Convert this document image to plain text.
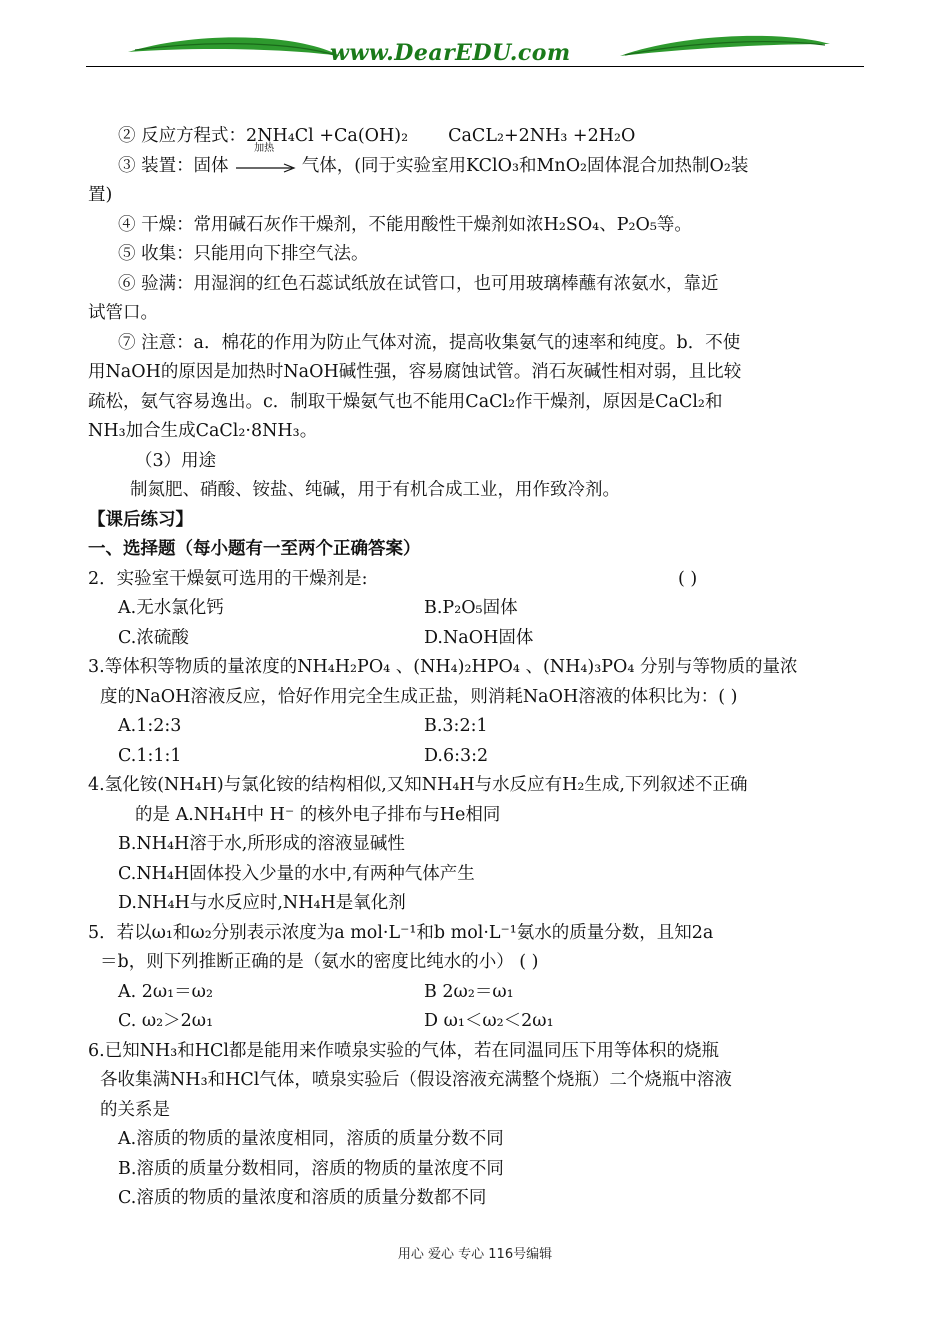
www.DearEDU.com
② 反应方程式：2NH₄Cl +Ca(OH)₂ CaCL₂+2NH₃ +2H₂O
③ 装置：固体
加热
气体，(同于实验室用KClO₃和MnO₂固体混合加热制O₂装
置)
④ 干燥：常用碱石灰作干燥剂，不能用酸性干燥剂如浓H₂SO₄、P₂O₅等。
⑤ 收集：只能用向下排空气法。
⑥ 验满：用湿润的红色石蕊试纸放在试管口，也可用玻璃棒蘸有浓氨水，靠近
试管口。
⑦ 注意：a．棉花的作用为防止气体对流，提高收集氨气的速率和纯度。b．不使
用NaOH的原因是加热时NaOH碱性强，容易腐蚀试管。消石灰碱性相对弱，且比较
疏松，氨气容易逸出。c．制取干燥氨气也不能用CaCl₂作干燥剂，原因是CaCl₂和
NH₃加合生成CaCl₂·8NH₃。
（3）用途
制氮肥、硝酸、铵盐、纯碱，用于有机合成工业，用作致冷剂。
【课后练习】
一、选择题（每小题有一至两个正确答案）
2．实验室干燥氨可选用的干燥剂是:	( )
A.无水氯化钙	B.P₂O₅固体
C.浓硫酸	D.NaOH固体
3.等体积等物质的量浓度的NH₄H₂PO₄ 、(NH₄)₂HPO₄ 、(NH₄)₃PO₄ 分别与等物质的量浓
度的NaOH溶液反应，恰好作用完全生成正盐，则消耗NaOH溶液的体积比为：( )
A.1:2:3	B.3:2:1
C.1:1:1	D.6:3:2
4.氢化铵(NH₄H)与氯化铵的结构相似,又知NH₄H与水反应有H₂生成,下列叙述不正确
的是 A.NH₄H中 H⁻ 的核外电子排布与He相同
B.NH₄H溶于水,所形成的溶液显碱性
C.NH₄H固体投入少量的水中,有两种气体产生
D.NH₄H与水反应时,NH₄H是氧化剂
5．若以ω₁和ω₂分别表示浓度为a mol·L⁻¹和b mol·L⁻¹氨水的质量分数，且知2a
＝b，则下列推断正确的是（氨水的密度比纯水的小） ( )
A. 2ω₁＝ω₂	B 2ω₂＝ω₁
C. ω₂＞2ω₁	D ω₁＜ω₂＜2ω₁
6.已知NH₃和HCl都是能用来作喷泉实验的气体，若在同温同压下用等体积的烧瓶
各收集满NH₃和HCl气体，喷泉实验后（假设溶液充满整个烧瓶）二个烧瓶中溶液
的关系是
A.溶质的物质的量浓度相同，溶质的质量分数不同
B.溶质的质量分数相同，溶质的物质的量浓度不同
C.溶质的物质的量浓度和溶质的质量分数都不同
用心 爱心 专心 116号编辑
